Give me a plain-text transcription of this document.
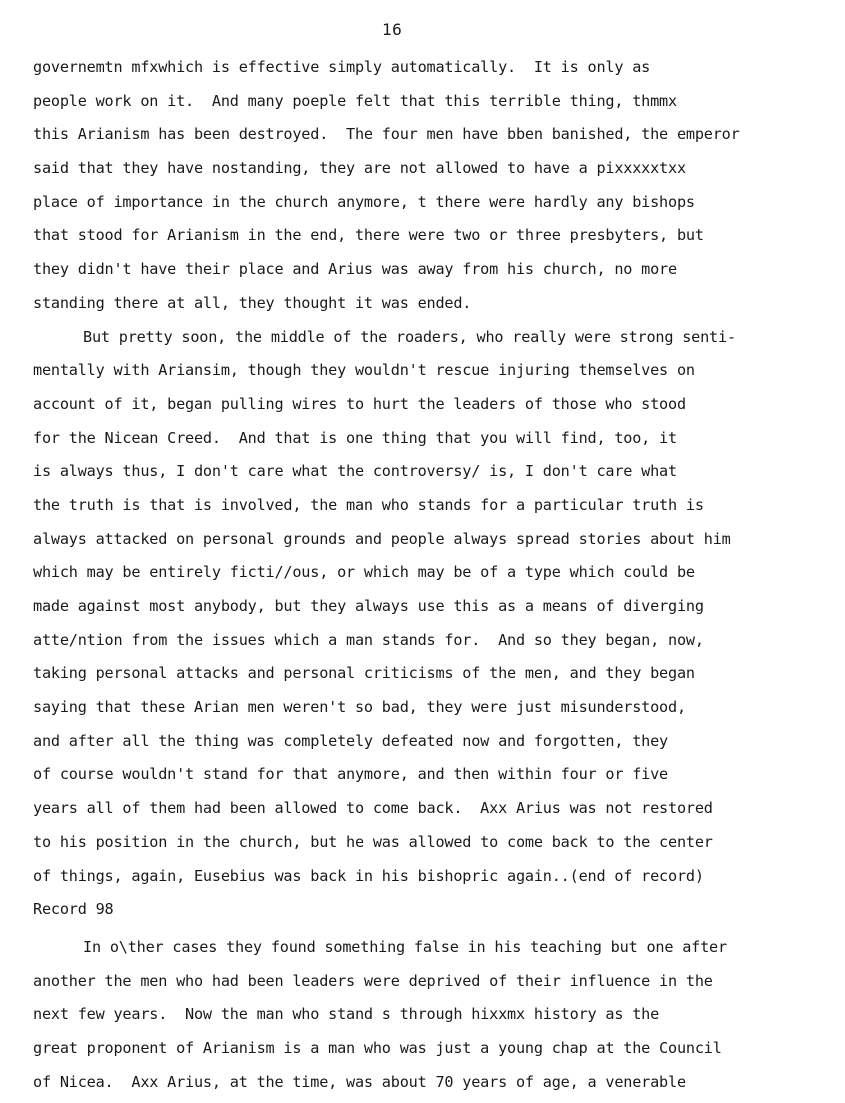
16
governemtn mfxwhich is effective simply automatically.  It is only as
people work on it.  And many poeple felt that this terrible thing, thmmx
this Arianism has been destroyed.  The four men have bben banished, the emperor
said that they have nostanding, they are not allowed to have a pixxxxxtxx
place of importance in the church anymore, t there were hardly any bishops
that stood for Arianism in the end, there were two or three presbyters, but
they didn't have their place and Arius was away from his church, no more
standing there at all, they thought it was ended.
But pretty soon, the middle of the roaders, who really were strong senti-
mentally with Ariansim, though they wouldn't rescue injuring themselves on
account of it, began pulling wires to hurt the leaders of those who stood
for the Nicean Creed.  And that is one thing that you will find, too, it
is always thus, I don't care what the controversy/ is, I don't care what
the truth is that is involved, the man who stands for a particular truth is
always attacked on personal grounds and people always spread stories about him
which may be entirely ficti//ous, or which may be of a type which could be
made against most anybody, but they always use this as a means of diverging
atte/ntion from the issues which a man stands for.  And so they began, now,
taking personal attacks and personal criticisms of the men, and they began
saying that these Arian men weren't so bad, they were just misunderstood,
and after all the thing was completely defeated now and forgotten, they
of course wouldn't stand for that anymore, and then within four or five
years all of them had been allowed to come back.  Axx Arius was not restored
to his position in the church, but he was allowed to come back to the center
of things, again, Eusebius was back in his bishopric again..(end of record)
Record 98
In o\ther cases they found something false in his teaching but one after
another the men who had been leaders were deprived of their influence in the
next few years.  Now the man who stand s through hixxmx history as the
great proponent of Arianism is a man who was just a young chap at the Council
of Nicea.  Axx Arius, at the time, was about 70 years of age, a venerable
